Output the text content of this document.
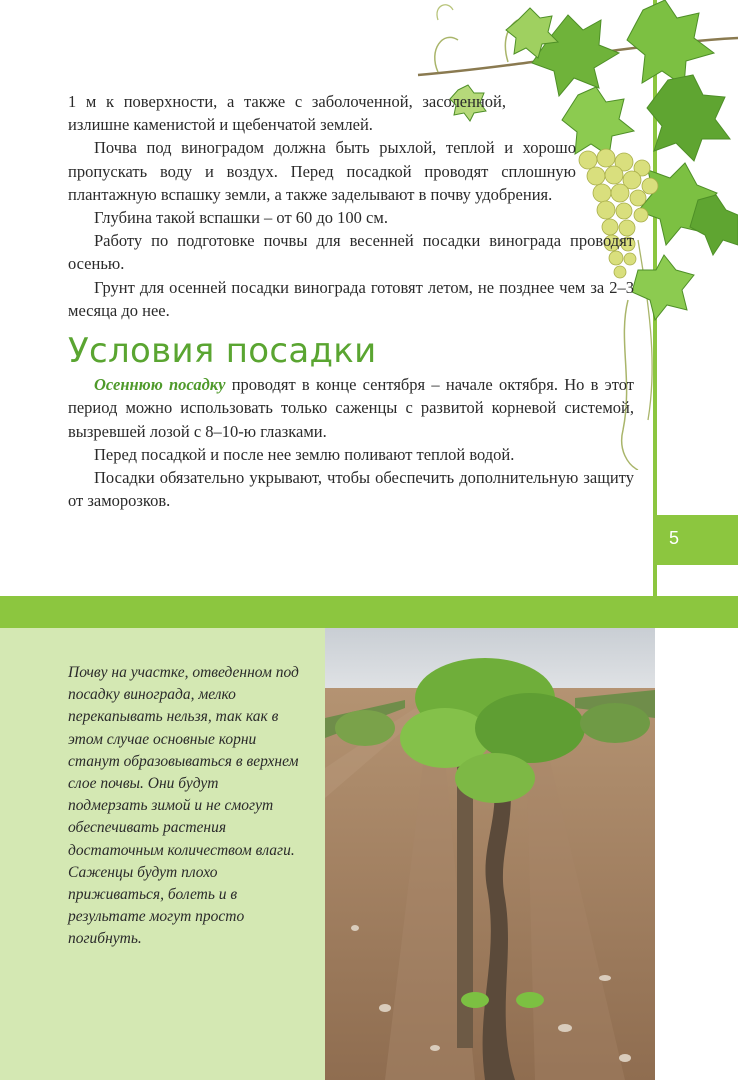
5

1 м к поверхности, а также с заболоченной, засоленной, излишне каменистой и щебенчатой землей.

Почва под виноградом должна быть рыхлой, теплой и хорошо пропускать воду и воздух. Перед посадкой проводят сплошную плантажную вспашку земли, а также заделывают в почву удобрения.

Глубина такой вспашки – от 60 до 100 см.

Работу по подготовке почвы для весенней посадки винограда проводят осенью.

Грунт для осенней посадки винограда готовят летом, не позднее чем за 2–3 месяца до нее.

Условия посадки

Осеннюю посадку проводят в конце сентября – начале октября. Но в этот период можно использовать только саженцы с развитой корневой системой, вызревшей лозой с 8–10-ю глазками.

Перед посадкой и после нее землю поливают теплой водой.

Посадки обязательно укрывают, чтобы обеспечить дополнительную защиту от заморозков.

Почву на участке, отведенном под посадку винограда, мелко перекапывать нельзя, так как в этом случае основные корни станут образовываться в верхнем слое почвы. Они будут подмерзать зимой и не смогут обеспечивать растения достаточным количеством влаги. Саженцы будут плохо приживаться, болеть и в результате могут просто погибнуть.
